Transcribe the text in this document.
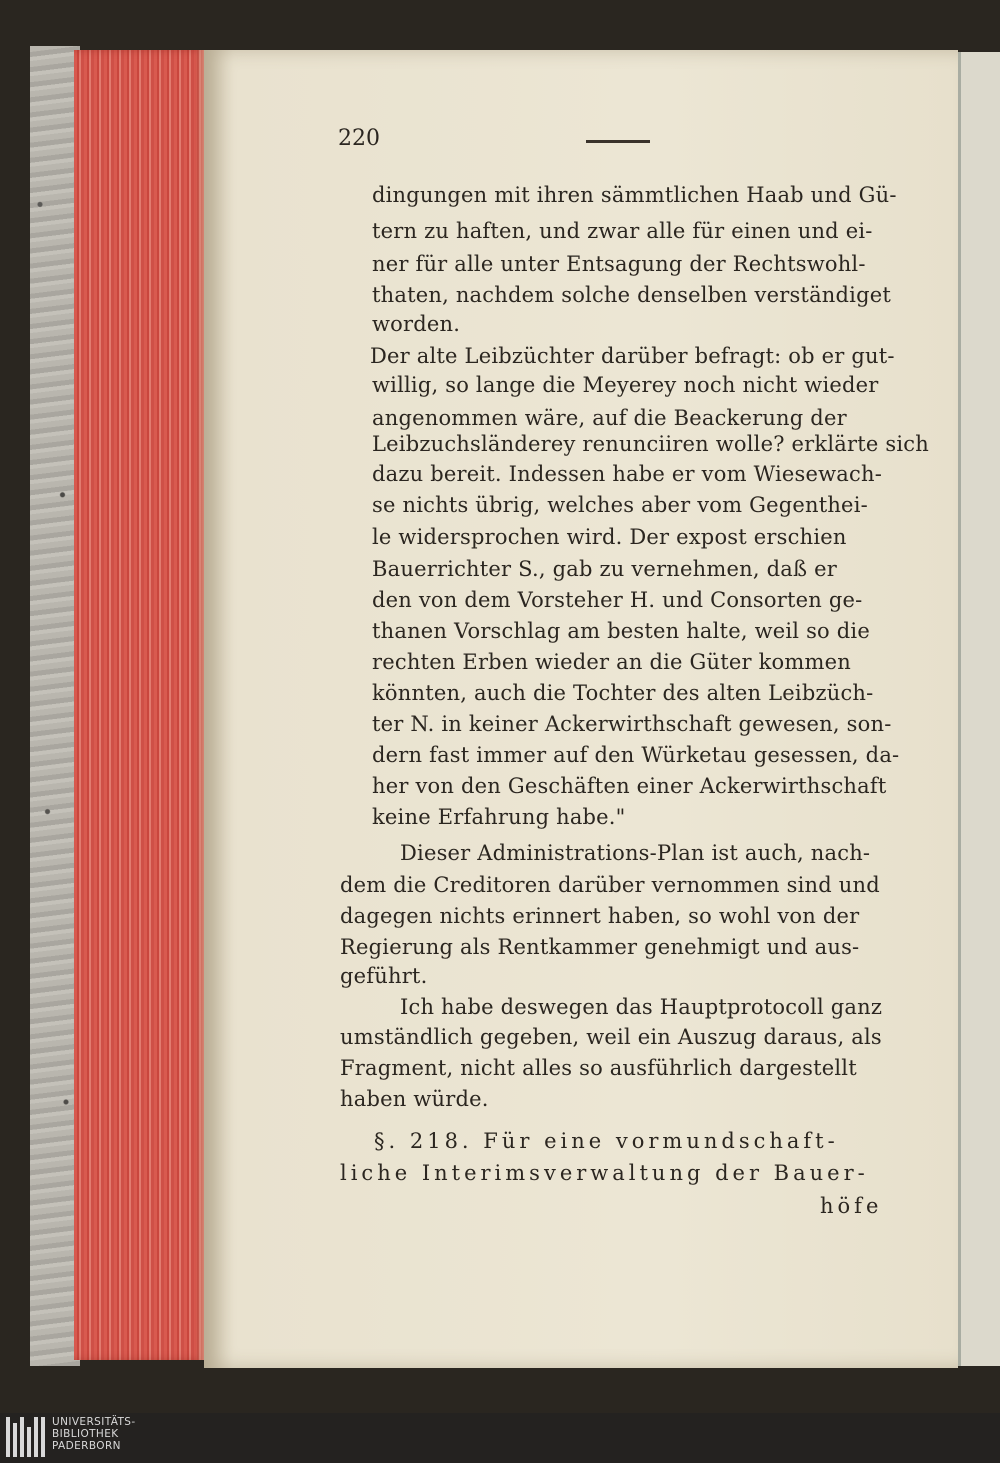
220
dingungen mit ihren sämmtlichen Haab und Gü-
tern zu haften, und zwar alle für einen und ei-
ner für alle unter Entsagung der Rechtswohl-
thaten, nachdem solche denselben verständiget
worden.
Der alte Leibzüchter darüber befragt: ob er gut-
willig, so lange die Meyerey noch nicht wieder
angenommen wäre, auf die Beackerung der
Leibzuchsländerey renunciiren wolle? erklärte sich
dazu bereit. Indessen habe er vom Wiesewach-
se nichts übrig, welches aber vom Gegenthei-
le widersprochen wird. Der expost erschien
Bauerrichter S., gab zu vernehmen, daß er
den von dem Vorsteher H. und Consorten ge-
thanen Vorschlag am besten halte, weil so die
rechten Erben wieder an die Güter kommen
könnten, auch die Tochter des alten Leibzüch-
ter N. in keiner Ackerwirthschaft gewesen, son-
dern fast immer auf den Würketau gesessen, da-
her von den Geschäften einer Ackerwirthschaft
keine Erfahrung habe."
Dieser Administrations-Plan ist auch, nach-
dem die Creditoren darüber vernommen sind und
dagegen nichts erinnert haben, so wohl von der
Regierung als Rentkammer genehmigt und aus-
geführt.
Ich habe deswegen das Hauptprotocoll ganz
umständlich gegeben, weil ein Auszug daraus, als
Fragment, nicht alles so ausführlich dargestellt
haben würde.
§. 218. Für eine vormundschaft-
liche Interimsverwaltung der Bauer-
höfe
UNIVERSITÄTS-
BIBLIOTHEK
PADERBORN
